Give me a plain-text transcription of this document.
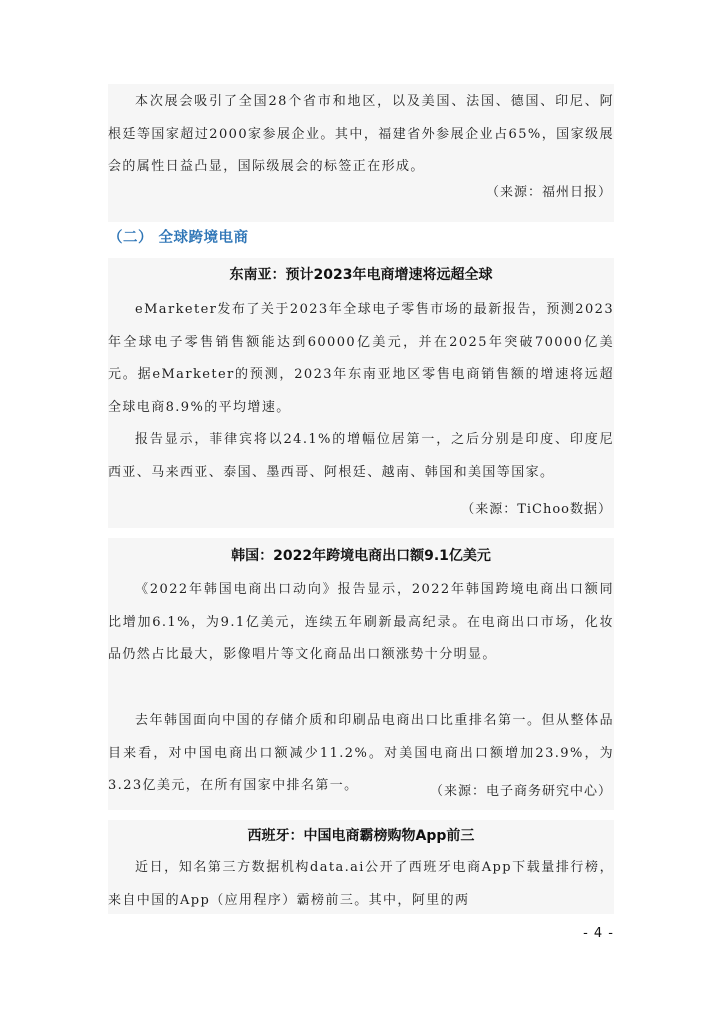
本次展会吸引了全国28个省市和地区，以及美国、法国、德国、印尼、阿根廷等国家超过2000家参展企业。其中，福建省外参展企业占65%，国家级展会的属性日益凸显，国际级展会的标签正在形成。

（来源：福州日报）
（二） 全球跨境电商
东南亚：预计2023年电商增速将远超全球

eMarketer发布了关于2023年全球电子零售市场的最新报告，预测2023年全球电子零售销售额能达到60000亿美元，并在2025年突破70000亿美元。据eMarketer的预测，2023年东南亚地区零售电商销售额的增速将远超全球电商8.9%的平均增速。

报告显示，菲律宾将以24.1%的增幅位居第一，之后分别是印度、印度尼西亚、马来西亚、泰国、墨西哥、阿根廷、越南、韩国和美国等国家。

（来源：TiChoo数据）
韩国：2022年跨境电商出口额9.1亿美元

《2022年韩国电商出口动向》报告显示，2022年韩国跨境电商出口额同比增加6.1%，为9.1亿美元，连续五年刷新最高纪录。在电商出口市场，化妆品仍然占比最大，影像唱片等文化商品出口额涨势十分明显。

去年韩国面向中国的存储介质和印刷品电商出口比重排名第一。但从整体品目来看，对中国电商出口额减少11.2%。对美国电商出口额增加23.9%，为3.23亿美元，在所有国家中排名第一。	（来源：电子商务研究中心）
西班牙：中国电商霸榜购物App前三

近日，知名第三方数据机构data.ai公开了西班牙电商App下载量排行榜，来自中国的App（应用程序）霸榜前三。其中，阿里的两

- 4 -
